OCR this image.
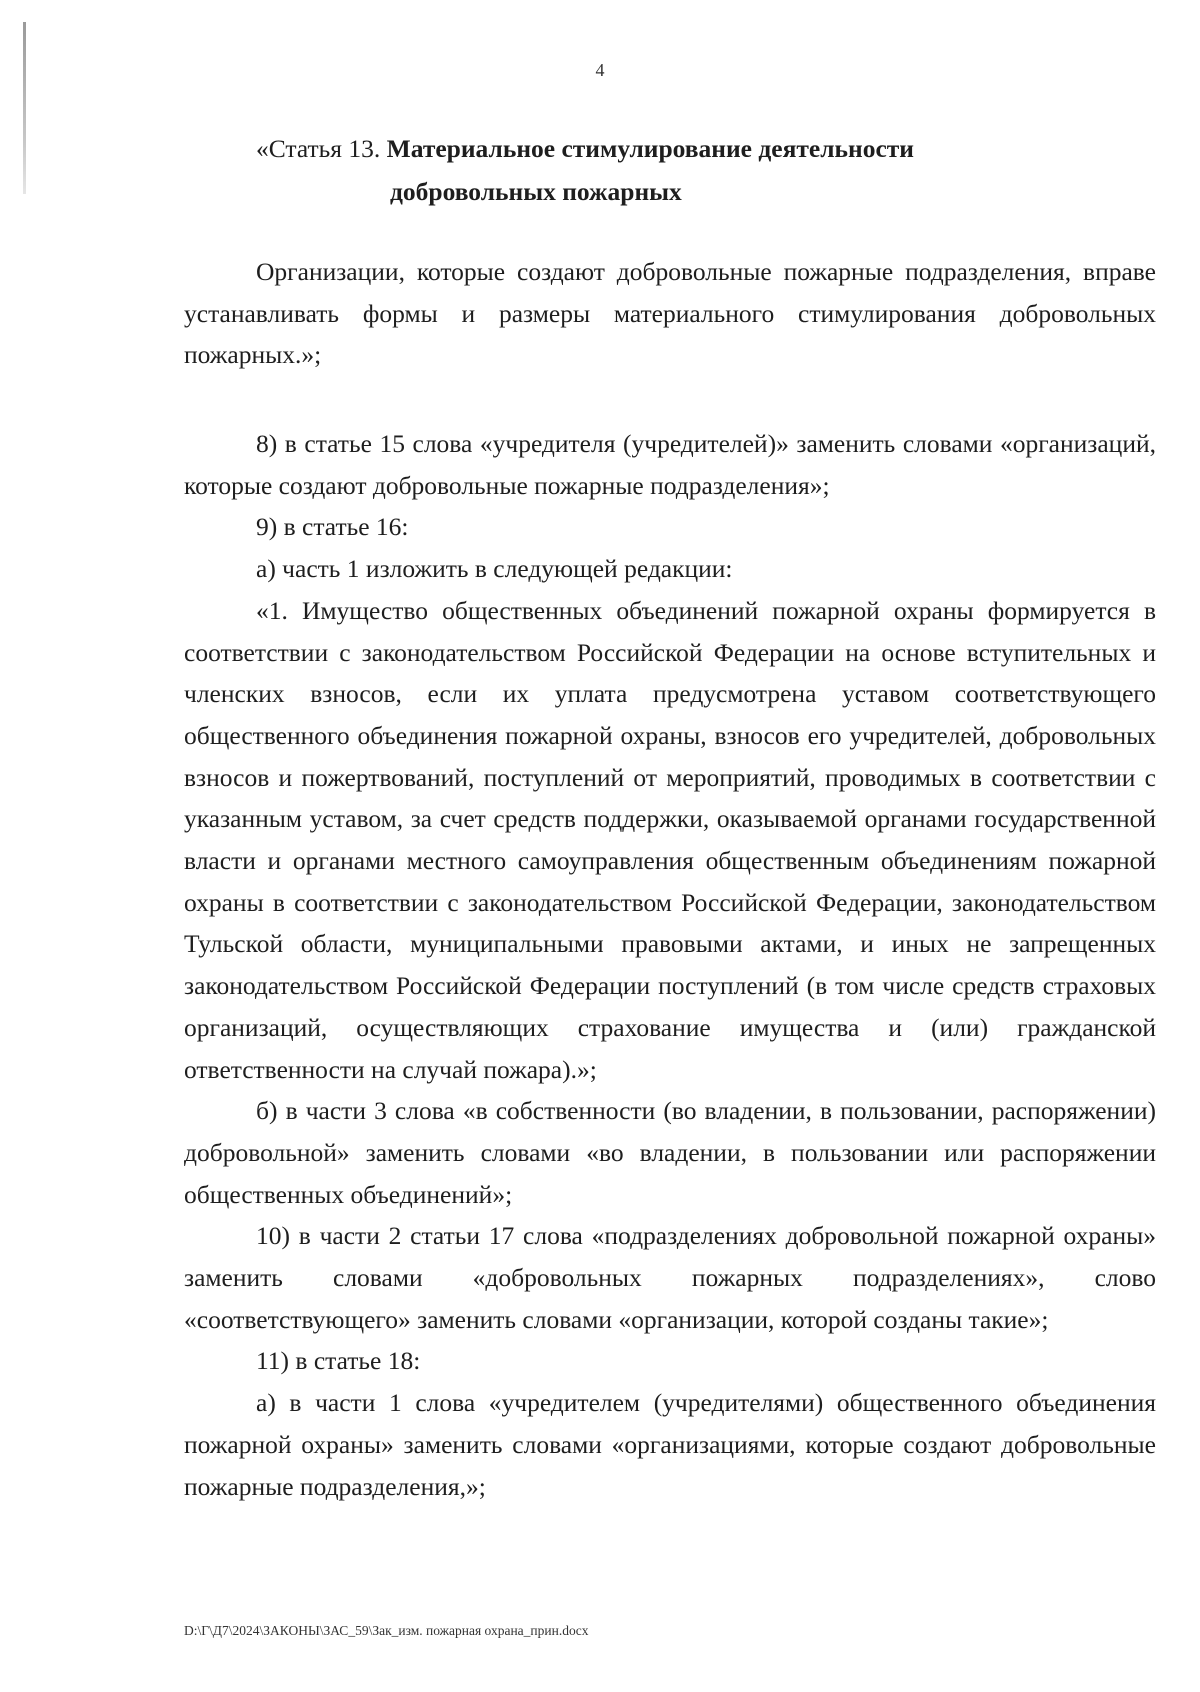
4
«Статья 13. Материальное стимулирование деятельности
добровольных пожарных

Организации, которые создают добровольные пожарные подразделения, вправе устанавливать формы и размеры материального стимулирования добровольных пожарных.»;

8) в статье 15 слова «учредителя (учредителей)» заменить словами «организаций, которые создают добровольные пожарные подразделения»;

9) в статье 16:

а) часть 1 изложить в следующей редакции:

«1. Имущество общественных объединений пожарной охраны формируется в соответствии с законодательством Российской Федерации на основе вступительных и членских взносов, если их уплата предусмотрена уставом соответствующего общественного объединения пожарной охраны, взносов его учредителей, добровольных взносов и пожертвований, поступлений от мероприятий, проводимых в соответствии с указанным уставом, за счет средств поддержки, оказываемой органами государственной власти и органами местного самоуправления общественным объединениям пожарной охраны в соответствии с законодательством Российской Федерации, законодательством Тульской области, муниципальными правовыми актами, и иных не запрещенных законодательством Российской Федерации поступлений (в том числе средств страховых организаций, осуществляющих страхование имущества и (или) гражданской ответственности на случай пожара).»;

б) в части 3 слова «в собственности (во владении, в пользовании, распоряжении) добровольной» заменить словами «во владении, в пользовании или распоряжении общественных объединений»;

10) в части 2 статьи 17 слова «подразделениях добровольной пожарной охраны» заменить словами «добровольных пожарных подразделениях», слово «соответствующего» заменить словами «организации, которой созданы такие»;

11) в статье 18:

а) в части 1 слова «учредителем (учредителями) общественного объединения пожарной охраны» заменить словами «организациями, которые создают добровольные пожарные подразделения,»;

D:\Г\Д7\2024\ЗАКОНЫ\ЗАС_59\Зак_изм. пожарная охрана_прин.docx
